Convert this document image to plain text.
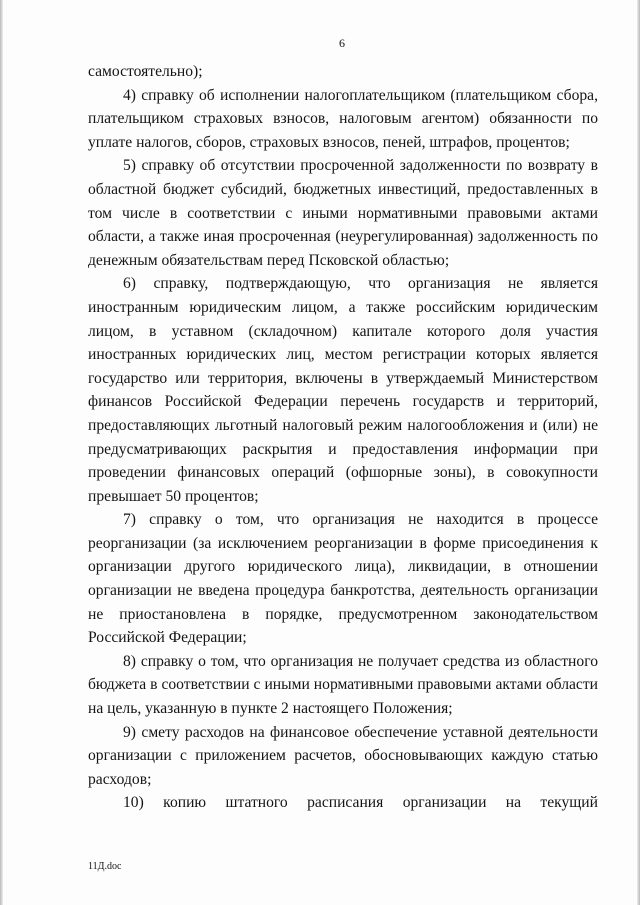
6

самостоятельно);

4) справку об исполнении налогоплательщиком (плательщиком сбора, плательщиком страховых взносов, налоговым агентом) обязанности по уплате налогов, сборов, страховых взносов, пеней, штрафов, процентов;

5) справку об отсутствии просроченной задолженности по возврату в областной бюджет субсидий, бюджетных инвестиций, предоставленных в том числе в соответствии с иными нормативными правовыми актами области, а также иная просроченная (неурегулированная) задолженность по денежным обязательствам перед Псковской областью;

6) справку, подтверждающую, что организация не является иностранным юридическим лицом, а также российским юридическим лицом, в уставном (складочном) капитале которого доля участия иностранных юридических лиц, местом регистрации которых является государство или территория, включены в утверждаемый Министерством финансов Российской Федерации перечень государств и территорий, предоставляющих льготный налоговый режим налогообложения и (или) не предусматривающих раскрытия и предоставления информации при проведении финансовых операций (офшорные зоны), в совокупности превышает 50 процентов;

7) справку о том, что организация не находится в процессе реорганизации (за исключением реорганизации в форме присоединения к организации другого юридического лица), ликвидации, в отношении организации не введена процедура банкротства, деятельность организации не приостановлена в порядке, предусмотренном законодательством Российской Федерации;

8) справку о том, что организация не получает средства из областного бюджета в соответствии с иными нормативными правовыми актами области на цель, указанную в пункте 2 настоящего Положения;

9) смету расходов на финансовое обеспечение уставной деятельности организации с приложением расчетов, обосновывающих каждую статью расходов;

10) копию штатного расписания организации на текущий

11Д.doc
